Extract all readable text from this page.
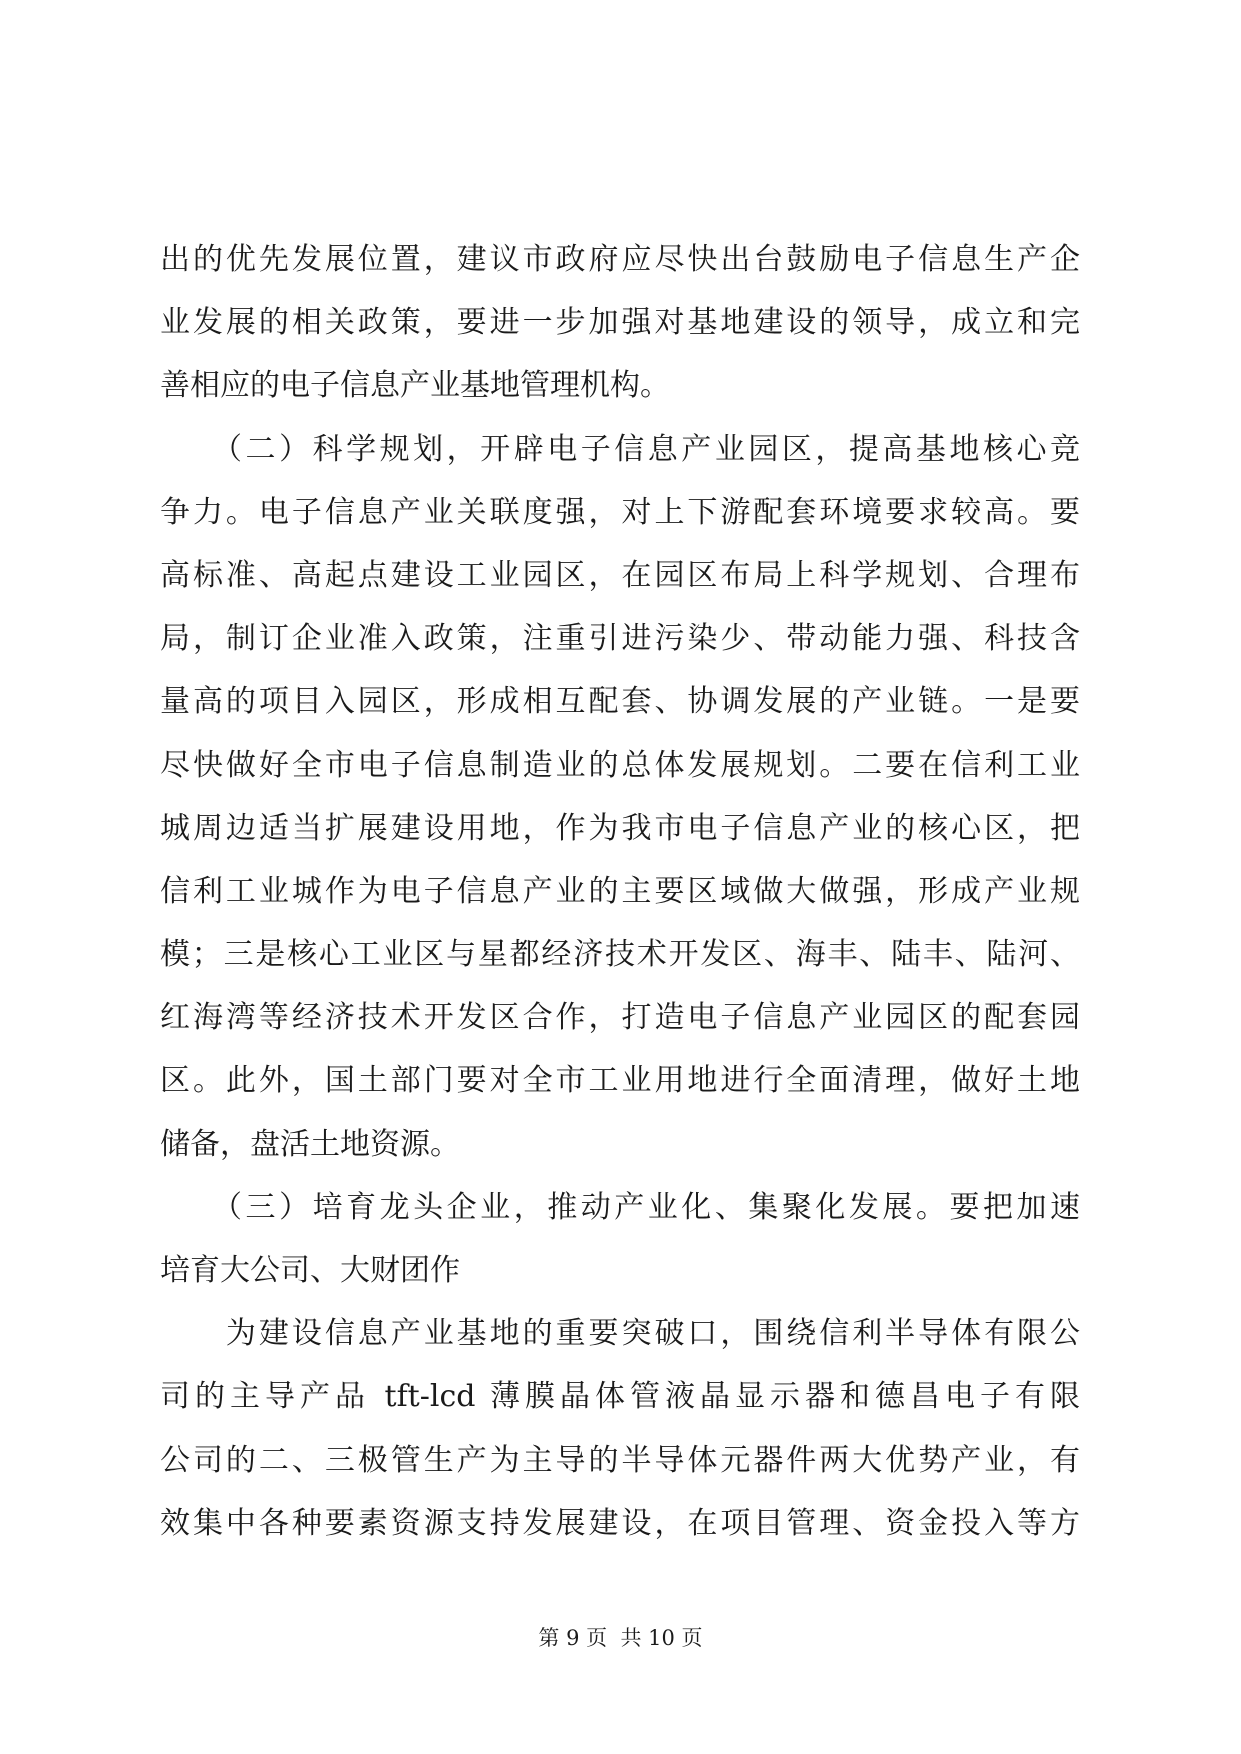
出的优先发展位置，建议市政府应尽快出台鼓励电子信息生产企
业发展的相关政策，要进一步加强对基地建设的领导，成立和完
善相应的电子信息产业基地管理机构。
　　（二）科学规划，开辟电子信息产业园区，提高基地核心竞
争力。电子信息产业关联度强，对上下游配套环境要求较高。要
高标准、高起点建设工业园区，在园区布局上科学规划、合理布
局，制订企业准入政策，注重引进污染少、带动能力强、科技含
量高的项目入园区，形成相互配套、协调发展的产业链。一是要
尽快做好全市电子信息制造业的总体发展规划。二要在信利工业
城周边适当扩展建设用地，作为我市电子信息产业的核心区，把
信利工业城作为电子信息产业的主要区域做大做强，形成产业规
模；三是核心工业区与星都经济技术开发区、海丰、陆丰、陆河、
红海湾等经济技术开发区合作，打造电子信息产业园区的配套园
区。此外，国土部门要对全市工业用地进行全面清理，做好土地
储备，盘活土地资源。
　　（三）培育龙头企业，推动产业化、集聚化发展。要把加速
培育大公司、大财团作
　　为建设信息产业基地的重要突破口，围绕信利半导体有限公
司的主导产品 tft-lcd 薄膜晶体管液晶显示器和德昌电子有限
公司的二、三极管生产为主导的半导体元器件两大优势产业，有
效集中各种要素资源支持发展建设，在项目管理、资金投入等方
第 9 页  共 10 页
